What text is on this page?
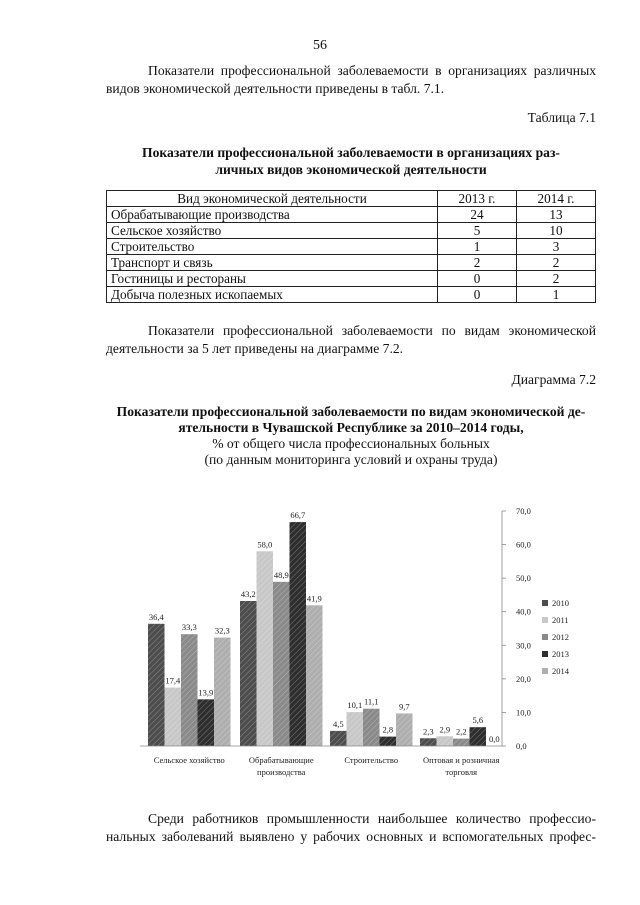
56
Показатели профессиональной заболеваемости в организациях различных
видов экономической деятельности приведены в табл. 7.1.
Таблица 7.1
Показатели профессиональной заболеваемости в организациях раз-
личных видов экономической деятельности
Вид экономической деятельности	2013 г.	2014 г.
Обрабатывающие производства	24	13
Сельское хозяйство	5	10
Строительство	1	3
Транспорт и связь	2	2
Гостиницы и рестораны	0	2
Добыча полезных ископаемых	0	1
Показатели профессиональной заболеваемости по видам экономической
деятельности за 5 лет приведены на диаграмме 7.2.
Диаграмма 7.2
Показатели профессиональной заболеваемости по видам экономической де-
ятельности в Чувашской Республике за 2010–2014 годы,
% от общего числа профессиональных больных
(по данным мониторинга условий и охраны труда)
36,4
17,4
33,3
13,9
32,3
43,2
58,0
48,9
66,7
41,9
4,5
10,1 11,1
2,8
9,7
2,3 2,9 2,2
5,6
0,0
0,0
10,0
20,0
30,0
40,0
50,0
60,0
70,0
2010
2011
2012
2013
2014
Сельское хозяйство	Обрабатывающие
производства
Строительство	Оптовая и розничная
торговля
Среди работников промышленности наибольшее количество профессио-
нальных заболеваний выявлено у рабочих основных и вспомогательных профес-
